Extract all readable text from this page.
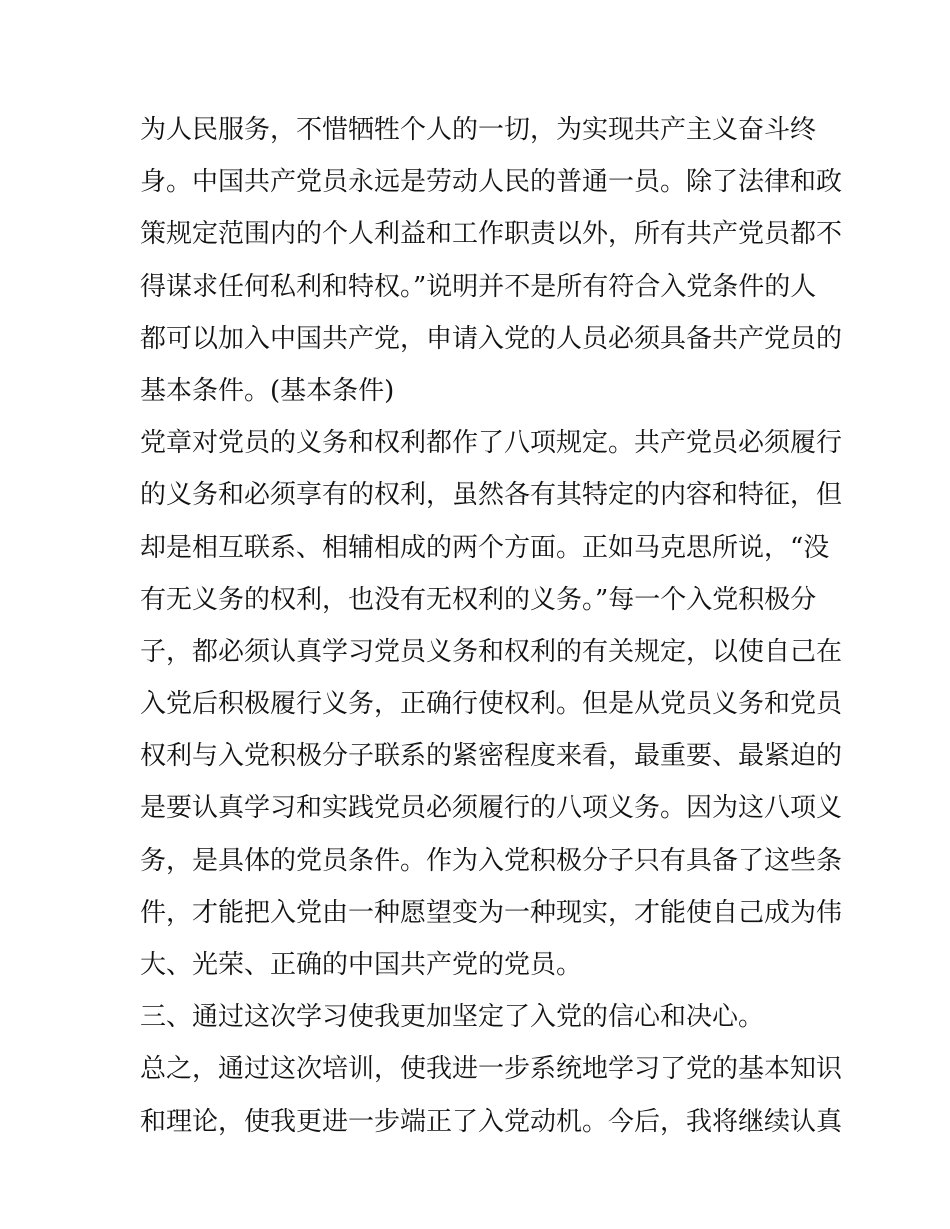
为人民服务，不惜牺牲个人的一切，为实现共产主义奋斗终
身。中国共产党员永远是劳动人民的普通一员。除了法律和政
策规定范围内的个人利益和工作职责以外，所有共产党员都不
得谋求任何私利和特权。”说明并不是所有符合入党条件的人
都可以加入中国共产党，申请入党的人员必须具备共产党员的
基本条件。(基本条件)
党章对党员的义务和权利都作了八项规定。共产党员必须履行
的义务和必须享有的权利，虽然各有其特定的内容和特征，但
却是相互联系、相辅相成的两个方面。正如马克思所说，“没
有无义务的权利，也没有无权利的义务。”每一个入党积极分
子，都必须认真学习党员义务和权利的有关规定，以使自己在
入党后积极履行义务，正确行使权利。但是从党员义务和党员
权利与入党积极分子联系的紧密程度来看，最重要、最紧迫的
是要认真学习和实践党员必须履行的八项义务。因为这八项义
务，是具体的党员条件。作为入党积极分子只有具备了这些条
件，才能把入党由一种愿望变为一种现实，才能使自己成为伟
大、光荣、正确的中国共产党的党员。
三、通过这次学习使我更加坚定了入党的信心和决心。
总之，通过这次培训，使我进一步系统地学习了党的基本知识
和理论，使我更进一步端正了入党动机。今后，我将继续认真
